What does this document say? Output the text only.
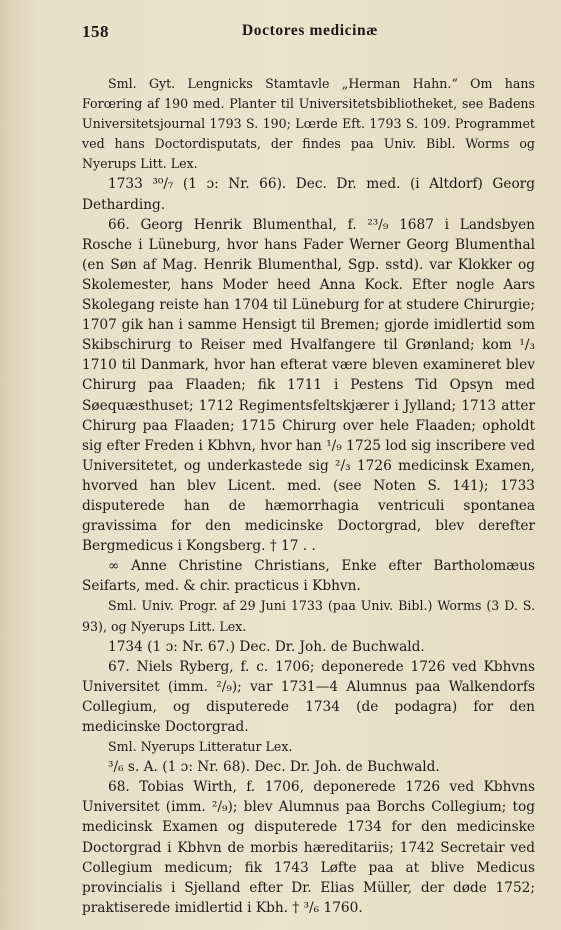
158	Doctores medicinæ

Sml. Gyt. Lengnicks Stamtavle „Herman Hahn.“ Om hans Forœring af 190 med. Planter til Universitetsbibliotheket, see Badens Universitetsjournal 1793 S. 190; Lœrde Eft. 1793 S. 109. Programmet ved hans Doctordisputats, der findes paa Univ. Bibl. Worms og Nyerups Litt. Lex.

1733 ³⁰/₇ (1 ɔ: Nr. 66). Dec. Dr. med. (i Altdorf) Georg Detharding.

66. Georg Henrik Blumenthal, f. ²³/₉ 1687 i Landsbyen Rosche i Lüneburg, hvor hans Fader Werner Georg Blumenthal (en Søn af Mag. Henrik Blumenthal, Sgp. sstd). var Klokker og Skolemester, hans Moder heed Anna Kock. Efter nogle Aars Skolegang reiste han 1704 til Lüneburg for at studere Chirurgie; 1707 gik han i samme Hensigt til Bremen; gjorde imidlertid som Skibschirurg to Reiser med Hvalfangere til Grønland; kom ¹/₃ 1710 til Danmark, hvor han efterat være bleven examineret blev Chirurg paa Flaaden; fik 1711 i Pestens Tid Opsyn med Søequæsthuset; 1712 Regimentsfeltskjærer i Jylland; 1713 atter Chirurg paa Flaaden; 1715 Chirurg over hele Flaaden; opholdt sig efter Freden i Kbhvn, hvor han ¹/₉ 1725 lod sig inscribere ved Universitetet, og underkastede sig ²/₃ 1726 medicinsk Examen, hvorved han blev Licent. med. (see Noten S. 141); 1733 disputerede han de hæmorrhagia ventriculi spontanea gravissima for den medicinske Doctorgrad, blev derefter Bergmedicus i Kongsberg. † 17 . .

∞ Anne Christine Christians, Enke efter Bartholomæus Seifarts, med. & chir. practicus i Kbhvn.

Sml. Univ. Progr. af 29 Juni 1733 (paa Univ. Bibl.) Worms (3 D. S. 93), og Nyerups Litt. Lex.

1734 (1 ɔ: Nr. 67.) Dec. Dr. Joh. de Buchwald.

67. Niels Ryberg, f. c. 1706; deponerede 1726 ved Kbhvns Universitet (imm. ²/₉); var 1731—4 Alumnus paa Walkendorfs Collegium, og disputerede 1734 (de podagra) for den medicinske Doctorgrad.

Sml. Nyerups Litteratur Lex.

³/₆ s. A. (1 ɔ: Nr. 68). Dec. Dr. Joh. de Buchwald.

68. Tobias Wirth, f. 1706, deponerede 1726 ved Kbhvns Universitet (imm. ²/₉); blev Alumnus paa Borchs Collegium; tog medicinsk Examen og disputerede 1734 for den medicinske Doctorgrad i Kbhvn de morbis hæreditariis; 1742 Secretair ved Collegium medicum; fik 1743 Løfte paa at blive Medicus provincialis i Sjelland efter Dr. Elias Müller, der døde 1752; praktiserede imidlertid i Kbh. † ³/₆ 1760.
